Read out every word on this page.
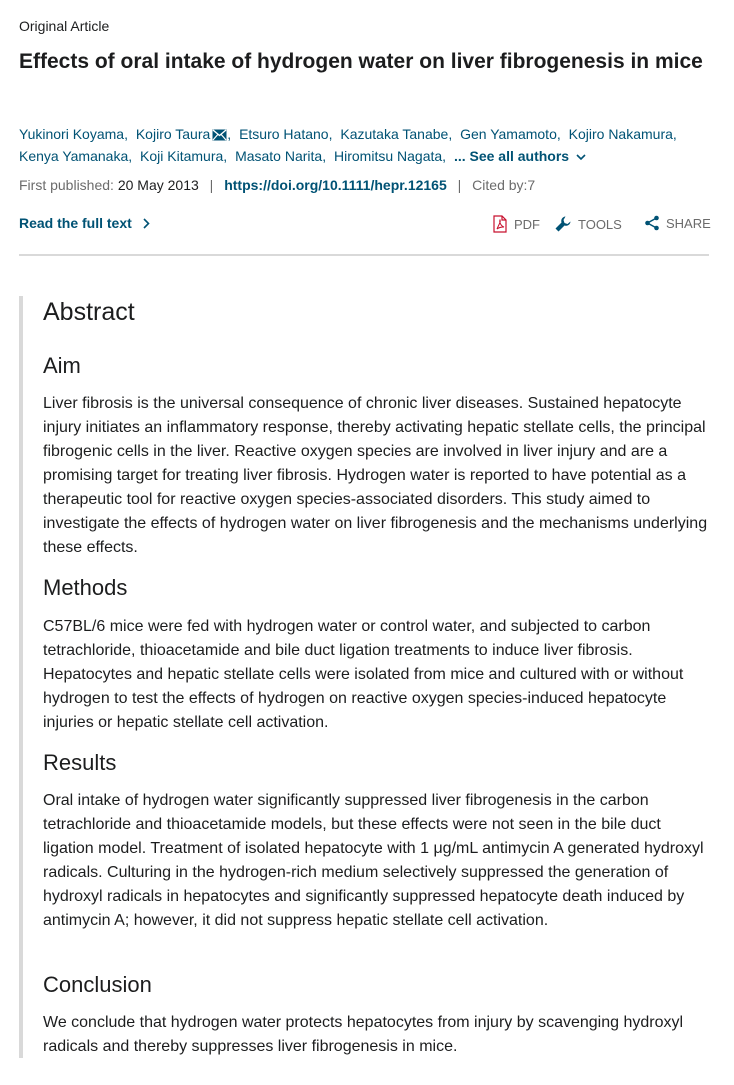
Original Article
Effects of oral intake of hydrogen water on liver fibrogenesis in mice
Yukinori Koyama, Kojiro Taura , Etsuro Hatano, Kazutaka Tanabe, Gen Yamamoto, Kojiro Nakamura, Kenya Yamanaka, Koji Kitamura, Masato Narita, Hiromitsu Nagata, ... See all authors
First published: 20 May 2013 | https://doi.org/10.1111/hepr.12165 | Cited by:7
Read the full text	PDF	TOOLS	SHARE
Abstract
Aim

Liver fibrosis is the universal consequence of chronic liver diseases. Sustained hepatocyte injury initiates an inflammatory response, thereby activating hepatic stellate cells, the principal fibrogenic cells in the liver. Reactive oxygen species are involved in liver injury and are a promising target for treating liver fibrosis. Hydrogen water is reported to have potential as a therapeutic tool for reactive oxygen species-associated disorders. This study aimed to investigate the effects of hydrogen water on liver fibrogenesis and the mechanisms underlying these effects.

Methods

C57BL/6 mice were fed with hydrogen water or control water, and subjected to carbon tetrachloride, thioacetamide and bile duct ligation treatments to induce liver fibrosis. Hepatocytes and hepatic stellate cells were isolated from mice and cultured with or without hydrogen to test the effects of hydrogen on reactive oxygen species-induced hepatocyte injuries or hepatic stellate cell activation.

Results

Oral intake of hydrogen water significantly suppressed liver fibrogenesis in the carbon tetrachloride and thioacetamide models, but these effects were not seen in the bile duct ligation model. Treatment of isolated hepatocyte with 1 μg/mL antimycin A generated hydroxyl radicals. Culturing in the hydrogen-rich medium selectively suppressed the generation of hydroxyl radicals in hepatocytes and significantly suppressed hepatocyte death induced by antimycin A; however, it did not suppress hepatic stellate cell activation.

Conclusion

We conclude that hydrogen water protects hepatocytes from injury by scavenging hydroxyl radicals and thereby suppresses liver fibrogenesis in mice.
